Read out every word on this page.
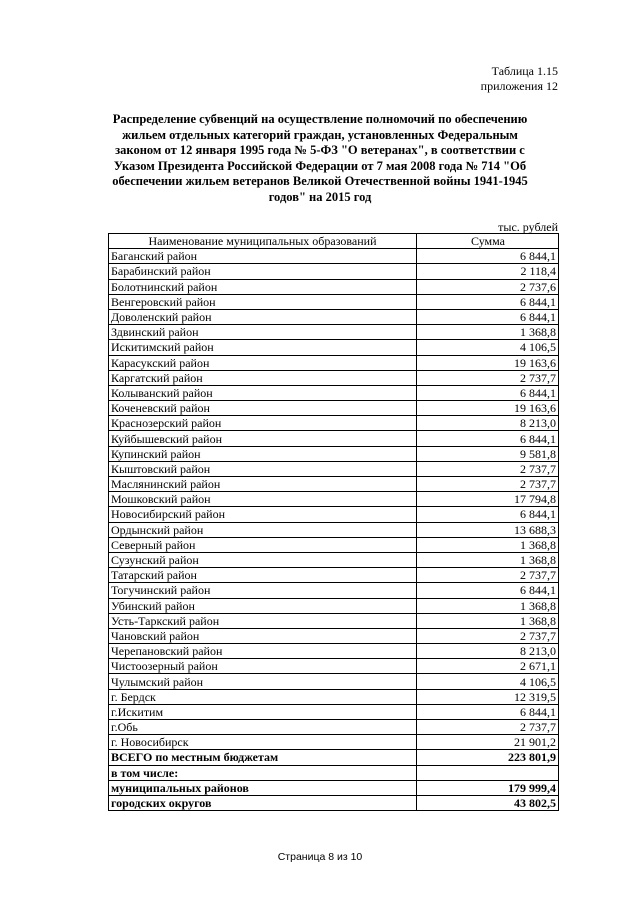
Таблица 1.15
приложения 12
Распределение субвенций на осуществление полномочий по обеспечению жильем отдельных категорий граждан, установленных Федеральным законом от 12 января 1995 года № 5-ФЗ "О ветеранах", в соответствии с Указом Президента Российской Федерации от 7 мая 2008 года № 714 "Об обеспечении жильем ветеранов Великой Отечественной войны 1941-1945 годов" на 2015 год
тыс. рублей
Наименование муниципальных образований	Сумма
Баганский район	6 844,1
Барабинский район	2 118,4
Болотнинский район	2 737,6
Венгеровский район	6 844,1
Доволенский район	6 844,1
Здвинский район	1 368,8
Искитимский район	4 106,5
Карасукский район	19 163,6
Каргатский район	2 737,7
Колыванский район	6 844,1
Коченевский район	19 163,6
Краснозерский район	8 213,0
Куйбышевский район	6 844,1
Купинский район	9 581,8
Кыштовский район	2 737,7
Маслянинский район	2 737,7
Мошковский район	17 794,8
Новосибирский район	6 844,1
Ордынский район	13 688,3
Северный район	1 368,8
Сузунский район	1 368,8
Татарский район	2 737,7
Тогучинский район	6 844,1
Убинский район	1 368,8
Усть-Таркский район	1 368,8
Чановский район	2 737,7
Черепановский район	8 213,0
Чистоозерный район	2 671,1
Чулымский район	4 106,5
г. Бердск	12 319,5
г.Искитим	6 844,1
г.Обь	2 737,7
г. Новосибирск	21 901,2
ВСЕГО по местным бюджетам	223 801,9
в том числе:	
муниципальных районов	179 999,4
городских округов	43 802,5
Страница 8 из 10
